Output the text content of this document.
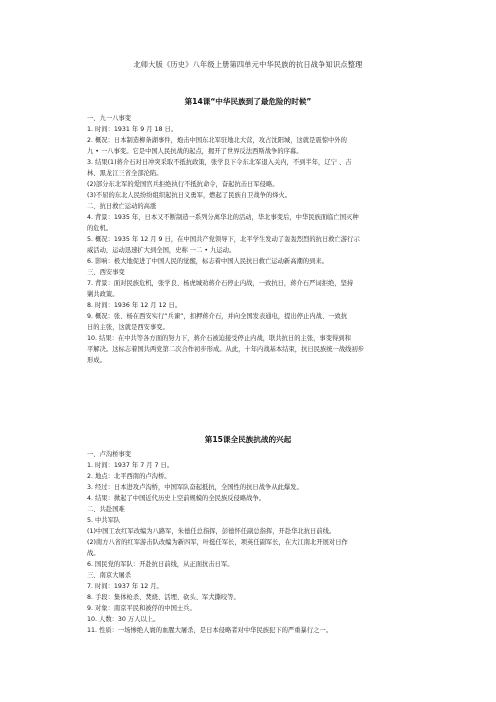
北师大版《历史》八年级上册第四单元中华民族的抗日战争知识点整理
第14课“中华民族到了最危险的时候”
一、九一八事变
1. 时间：1931 年 9 月 18 日。
2. 概况：日本制造柳条湖事件，炮击中国东北军驻地北大营，攻占沈阳城，这就是震惊中外的
九 • 一八事变。它是中国人民抗战的起点，揭开了世界反法西斯战争的序幕。
3. 结果(1)蒋介石对日冲突采取不抵抗政策，张学良下令东北军退入关内，不到半年，辽宁 、吉
林、黑龙江三省全部沦陷。
(2)部分东北军的爱国官兵拒绝执行不抵抗命令，奋起抗击日军侵略。
(3)不屈的东北人民纷纷组织起抗日义勇军，燃起了民族自卫战争的烽火。
二、抗日救亡运动的高涨
4. 背景：1935 年，日本又不断制造一系列分离华北的活动，华北事变后，中华民族面临亡国灭种
的危机。
5. 概况：1935 年 12 月 9 日，在中国共产党领导下，北平学生发动了轰轰烈烈的抗日救亡游行示
威活动，运动迅速扩大到全国，史称 一二 • 九运动。
6. 影响：极大地促进了中国人民的觉醒，标志着中国人民抗日救亡运动新高潮的到来。
三、西安事变
7. 背景：面对民族危机，张学良、杨虎城劝蒋介石停止内战，一致抗日，蒋介石严词拒绝，坚持
剿共政策。
8. 时间：1936 年 12 月 12 日。
9. 概况：张、杨在西安实行“兵谏”，扣押蒋介石，并向全国发表通电，提出停止内战、一致抗
日的主张，这就是西安事变。
10. 结果：在中共等各方面的努力下，蒋介石被迫接受停止内战，联共抗日的主张，事变得到和
平解决。这标志着国共两党第二次合作初步形成。从此，十年内战基本结束，抗日民族统一战线初步
形成。
第15课全民族抗战的兴起
一、卢沟桥事变
1. 时间：1937 年 7 月 7 日。
2. 地点：北平西南的卢沟桥。
3. 经过：日本进攻卢沟桥，中国军队奋起抵抗，全国性的抗日战争从此爆发。
4. 结果：掀起了中国近代历史上空前规模的全民族反侵略战争。
二、共赴国难
5. 中共军队
(1)中国工农红军改编为八路军，朱德任总指挥，彭德怀任副总指挥，开赴华北抗日前线。
(2)南方八省的红军游击队改编为新四军，叶挺任军长，项英任副军长，在大江南北开展对日作
战。
6. 国民党的军队：开赴抗日前线，从正面抗击日军。
三、南京大屠杀
7. 时间：1937 年 12 月。
8. 手段：集体枪杀、焚烧、活埋、砍头、军犬撕咬等。
9. 对象：南京平民和被俘的中国士兵。
10. 人数：30 万人以上。
11. 性质：一场惨绝人寰的血腥大屠杀，是日本侵略者对中华民族犯下的严重暴行之一。
